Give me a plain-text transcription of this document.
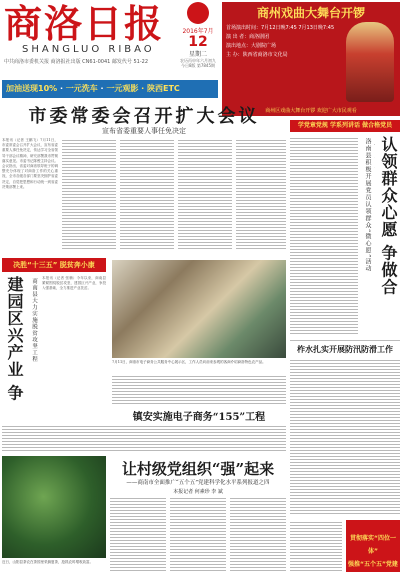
商洛日报
SHANGLUO RIBAO
中共商洛市委机关报 商洛报社出版 CN61-0041 邮发代号 51-22
2016年7月
12
星期二
农历丙申年六月初九
今日8版 第7845期
商州戏曲大舞台开锣
首场演出时间：7月12日晚7:45 7月13日晚7:45
演 出 者：商洛剧团
演出地点：大剧院广场
主 办：陕西省商洛市文化局
商州区戏曲大舞台开锣 欢迎广大市民观看
加油送现10% · 一元洗车 · 一元观影 · 陕西ETC
市委常委会召开扩大会议
宣布省委重要人事任免决定
本报讯（记者 王鹏飞）7月11日，市委常委会召开扩大会议，宣布省委重要人事任免决定，传达学习全省领导干部会议精神，研究部署我市贯彻落实意见。市委书记陈俊主持会议。会议指出，省委对商洛领导班子的调整充分体现了对商洛工作的关心重视，全市各级各部门要坚决拥护省委决定，自觉把思想和行动统一到省委决策部署上来。
学党章党规 学系列讲话 做合格党员
认领群众心愿 争做合
洛南县积极开展党员认领群众“微心愿”活动
柞水扎实开展防汛防滑工作
贯彻落实“四位一体”
强推“五个五”党建
决胜“十三五” 脱贫奔小康
建园区兴产业 争
商南县大力实施脱贫攻坚工程 本报讯（记者 张楠）今年以来，商南县紧紧围绕脱贫攻坚，建园区兴产业，争投入强基础，全力推进产业扶贫。
7月11日，商洛市电子商务公共服务中心展示区，工作人员向前来参观的客商介绍商洛特色农产品。
镇安实施电子商务“155”工程
近日，山阳县茶农在茶园里采摘夏茶，抢抓农时增收致富。
让村级党组织“强”起来
——商南市全面推广“五个五”党建科学化水平系列报道之四
本报记者 何素珍 李 斌
